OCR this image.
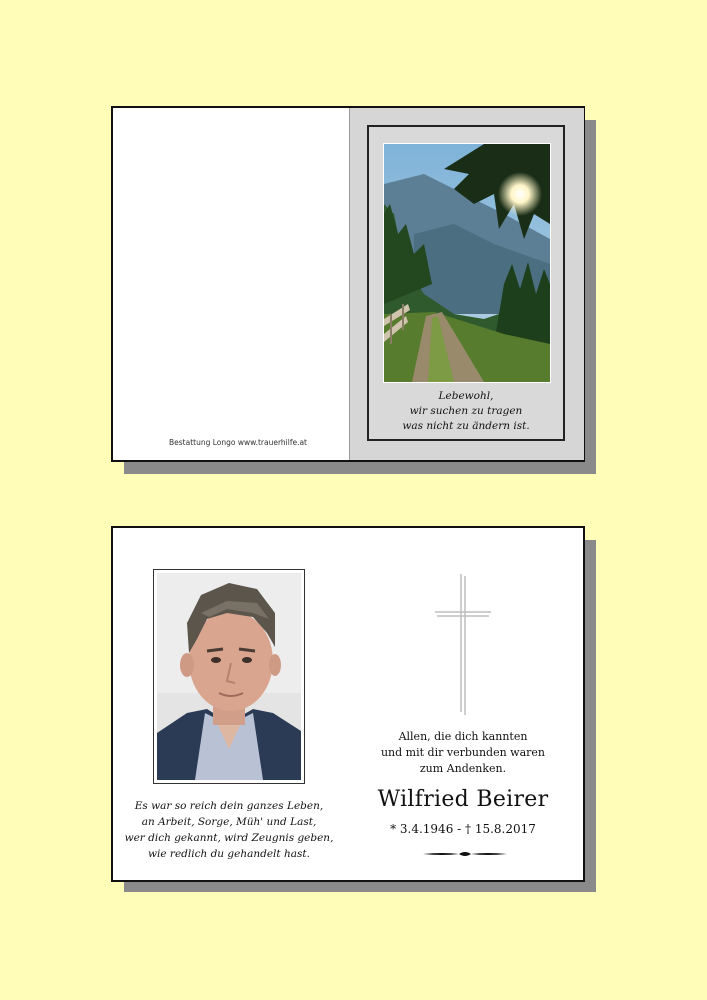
Bestattung Longo www.trauerhilfe.at
Lebewohl,
wir suchen zu tragen
was nicht zu ändern ist.
Es war so reich dein ganzes Leben,
an Arbeit, Sorge, Müh' und Last,
wer dich gekannt, wird Zeugnis geben,
wie redlich du gehandelt hast.
Allen, die dich kannten
und mit dir verbunden waren
zum Andenken.
Wilfried Beirer
* 3.4.1946 - † 15.8.2017
